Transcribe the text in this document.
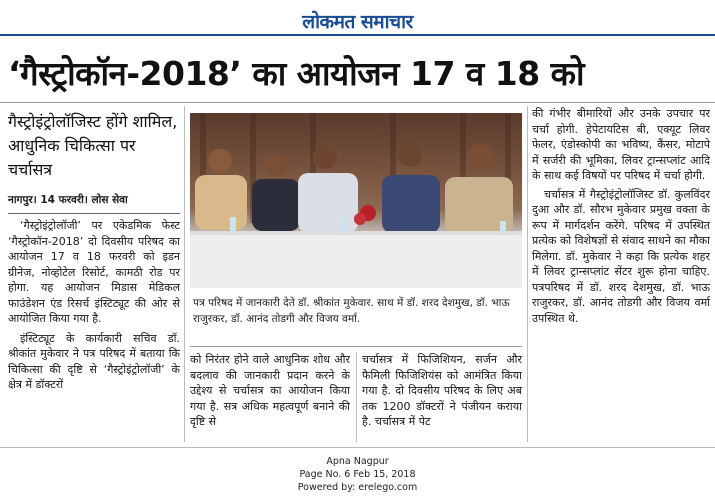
लोकमत समाचार
‘गैस्ट्रोकॉन-2018’ का आयोजन 17 व 18 को
गैस्ट्रोइंट्रोलॉजिस्ट होंगे शामिल, आधुनिक चिकित्सा पर चर्चासत्र
नागपुर। 14 फरवरी। लोस सेवा

‘गैस्ट्रोइंट्रोलॉजी’ पर एकेडमिक फेस्ट ‘गैस्ट्रोकॉन-2018’ दो दिवसीय परिषद का आयोजन 17 व 18 फरवरी को इडन ग्रीनेज, नोव्होटेल रिसोर्ट, कामठी रोड पर होगा. यह आयोजन मिडास मेडिकल फाउंडेशन एंड रिसर्च इंस्टिट्यूट की ओर से आयोजित किया गया है.

इंस्टिट्यूट के कार्यकारी सचिव डॉ. श्रीकांत मुकेवार ने पत्र परिषद में बताया कि चिकित्सा की दृष्टि से ‘गैस्ट्रोइंट्रोलॉजी’ के क्षेत्र में डॉक्टरों

पत्र परिषद में जानकारी देते डॉ. श्रीकांत मुकेवार. साथ में डॉ. शरद देशमुख, डॉ. भाऊ राजुरकर, डॉ. आनंद तोडगी और विजय वर्मा.
को निरंतर होने वाले आधुनिक शोध और बदलाव की जानकारी प्रदान करने के उद्देश्य से चर्चासत्र का आयोजन किया गया है. सत्र अधिक महत्वपूर्ण बनाने की दृष्टि से
चर्चासत्र में फिजिशियन, सर्जन और फैमिली फिजिशियंस को आमंत्रित किया गया है. दो दिवसीय परिषद के लिए अब तक 1200 डॉक्टरों ने पंजीयन कराया है. चर्चासत्र में पेट

की गंभीर बीमारियों और उनके उपचार पर चर्चा होगी. हेपेटायटिस बी, एक्यूट लिवर फेलर, एंडोस्कोपी का भविष्य, कैंसर, मोटापे में सर्जरी की भूमिका, लिवर ट्रान्सप्लांट आदि के साथ कई विषयों पर परिषद में चर्चा होगी.

चर्चासत्र में गैस्ट्रोइंट्रोलॉजिस्ट डॉ. कुलविंदर दुआ और डॉ. सौरभ मुकेवार प्रमुख वक्ता के रूप में मार्गदर्शन करेंगे. परिषद में उपस्थित प्रत्येक को विशेषज्ञों से संवाद साधने का मौका मिलेगा. डॉ. मुकेवार ने कहा कि प्रत्येक शहर में लिवर ट्रान्सप्लांट सेंटर शुरू होना चाहिए. पत्रपरिषद में डॉ. शरद देशमुख, डॉ. भाऊ राजुरकर, डॉ. आनंद तोडगी और विजय वर्मा उपस्थित थे.

Apna Nagpur
Page No. 6 Feb 15, 2018
Powered by: erelego.com
